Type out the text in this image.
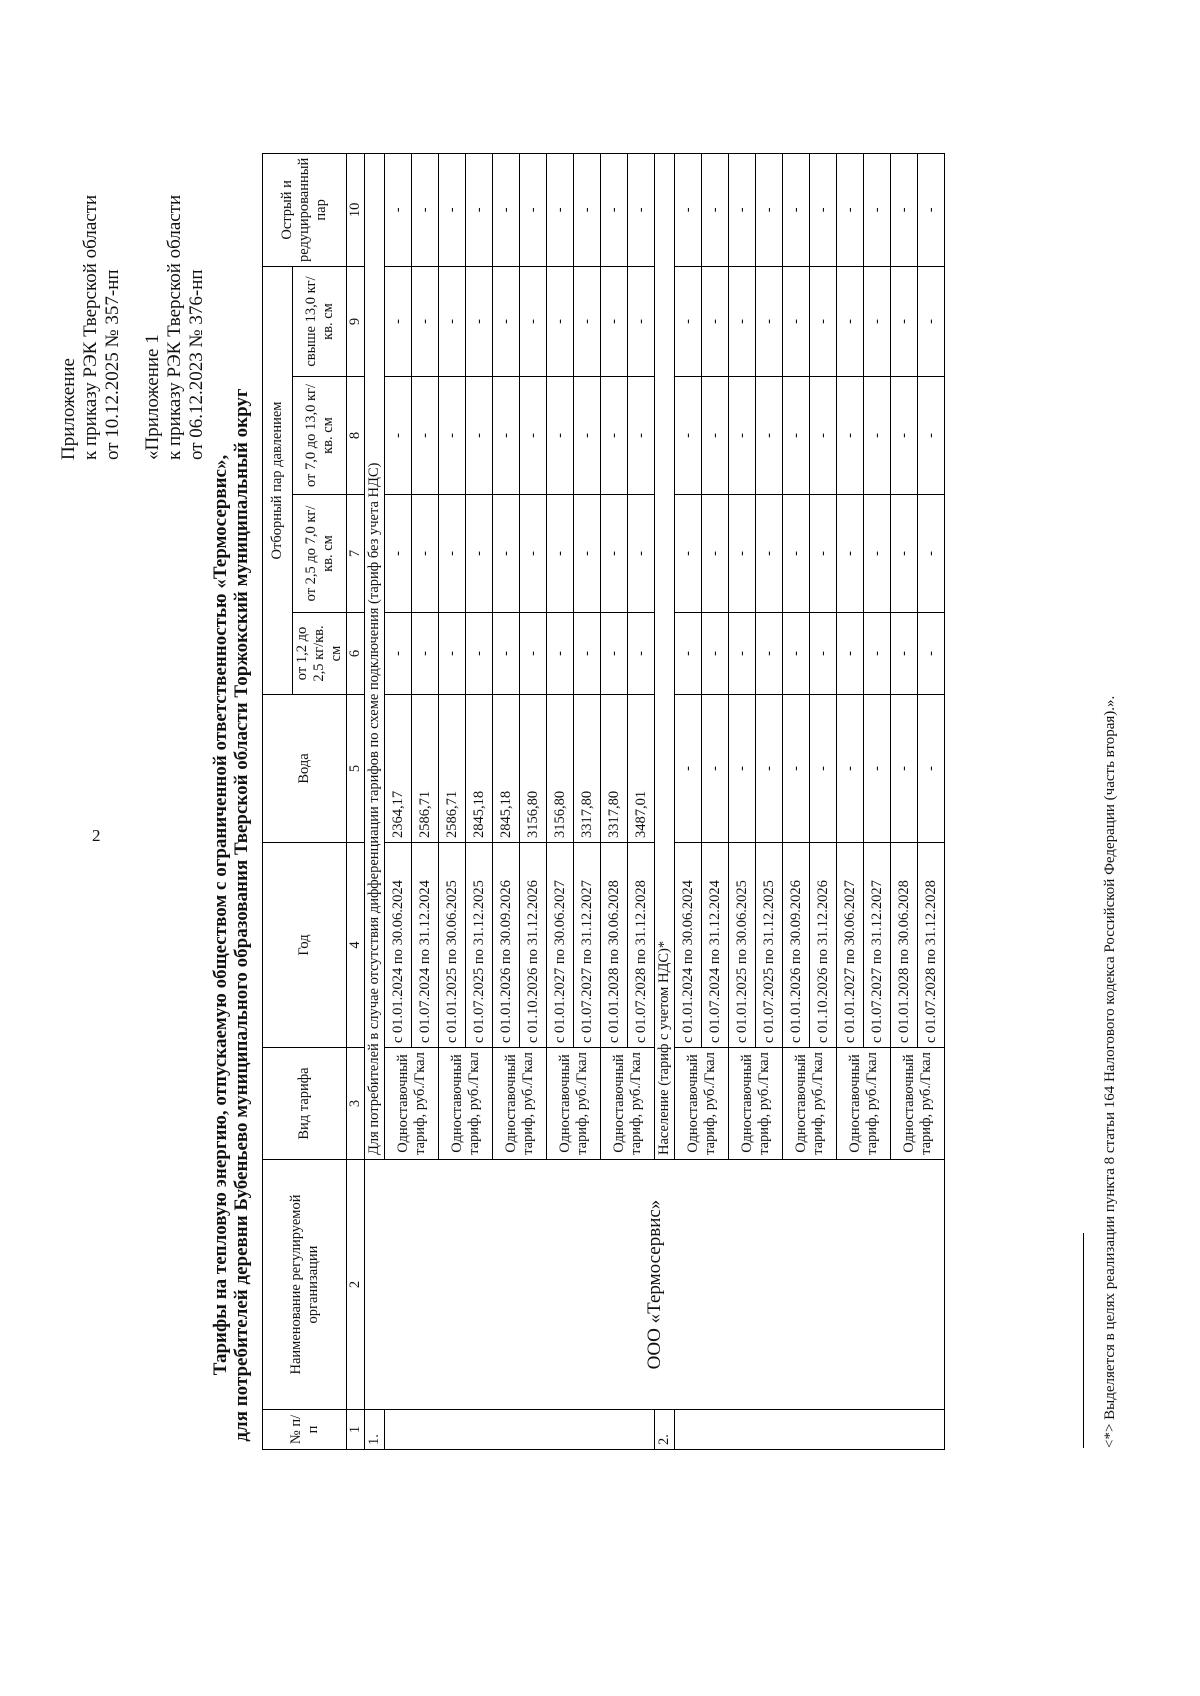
2
Приложение к приказу РЭК Тверской области от 10.12.2025 № 357-нп «Приложение 1 к приказу РЭК Тверской области от 06.12.2023 № 376-нп
Тарифы на тепловую энергию, отпускаемую обществом с ограниченной ответственностью «Термосервис», для потребителей деревни Бубеньево муниципального образования Тверской области Торжокский муниципальный округ № п/п	Наименование регулируемой организации	Вид тарифа	Год	Вода	Отборный пар давлением				Острый и редуцированный пар
					от 1,2 до 2,5 кг/кв. см	от 2,5 до 7,0 кг/кв. см	от 7,0 до 13,0 кг/кв. см	свыше 13,0 кг/кв. см	
1	2	3	4	5	6	7	8	9	10
1.	ООО «Термосервис»	Для потребителей в случае отсутствия дифференциации тарифов по схеме подключения (тариф без учета НДС)							
		Одноставочный тариф, руб./Гкал	с 01.01.2024 по 30.06.2024	2364,17	-	-	-	-	-
			с 01.07.2024 по 31.12.2024	2586,71	-	-	-	-	-
		Одноставочный тариф, руб./Гкал	с 01.01.2025 по 30.06.2025	2586,71	-	-	-	-	-
			с 01.07.2025 по 31.12.2025	2845,18	-	-	-	-	-
		Одноставочный тариф, руб./Гкал	с 01.01.2026 по 30.09.2026	2845,18	-	-	-	-	-
			с 01.10.2026 по 31.12.2026	3156,80	-	-	-	-	-
		Одноставочный тариф, руб./Гкал	с 01.01.2027 по 30.06.2027	3156,80	-	-	-	-	-
			с 01.07.2027 по 31.12.2027	3317,80	-	-	-	-	-
		Одноставочный тариф, руб./Гкал	с 01.01.2028 по 30.06.2028	3317,80	-	-	-	-	-
			с 01.07.2028 по 31.12.2028	3487,01	-	-	-	-	-
2.		Население (тариф с учетом НДС)*							
		Одноставочный тариф, руб./Гкал	с 01.01.2024 по 30.06.2024	-	-	-	-	-	-
			с 01.07.2024 по 31.12.2024	-	-	-	-	-	-
		Одноставочный тариф, руб./Гкал	с 01.01.2025 по 30.06.2025	-	-	-	-	-	-
			с 01.07.2025 по 31.12.2025	-	-	-	-	-	-
		Одноставочный тариф, руб./Гкал	с 01.01.2026 по 30.09.2026	-	-	-	-	-	-
			с 01.10.2026 по 31.12.2026	-	-	-	-	-	-
		Одноставочный тариф, руб./Гкал	с 01.01.2027 по 30.06.2027	-	-	-	-	-	-
			с 01.07.2027 по 31.12.2027	-	-	-	-	-	-
		Одноставочный тариф, руб./Гкал	с 01.01.2028 по 30.06.2028	-	-	-	-	-	-
			с 01.07.2028 по 31.12.2028	-	-	-	-	-	-
<*> Выделяется в целях реализации пункта 8 статьи 164 Налогового кодекса Российской Федерации (часть вторая).».
